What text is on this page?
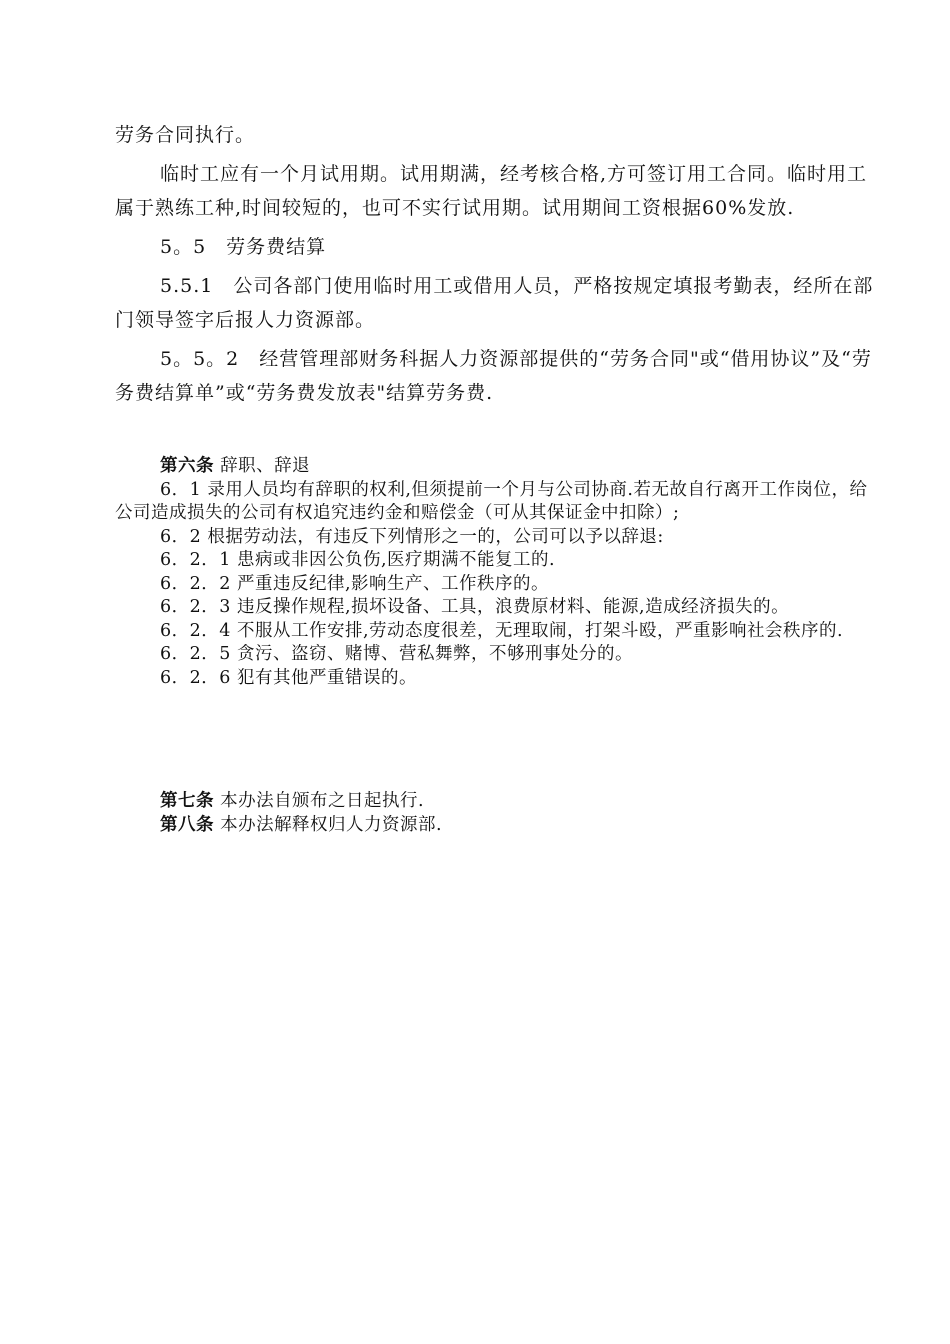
劳务合同执行。

临时工应有一个月试用期。试用期满，经考核合格,方可签订用工合同。临时用工属于熟练工种,时间较短的，也可不实行试用期。试用期间工资根据60%发放.

5。5　劳务费结算

5.5.1　公司各部门使用临时用工或借用人员，严格按规定填报考勤表，经所在部门领导签字后报人力资源部。

5。5。2　经营管理部财务科据人力资源部提供的“劳务合同"或“借用协议”及“劳务费结算单”或“劳务费发放表"结算劳务费.

第六条 辞职、辞退

6．1 录用人员均有辞职的权利,但须提前一个月与公司协商.若无故自行离开工作岗位，给公司造成损失的公司有权追究违约金和赔偿金（可从其保证金中扣除）;

6．2 根据劳动法，有违反下列情形之一的，公司可以予以辞退:

6．2．1 患病或非因公负伤,医疗期满不能复工的.

6．2．2 严重违反纪律,影响生产、工作秩序的。

6．2．3 违反操作规程,损坏设备、工具，浪费原材料、能源,造成经济损失的。

6．2．4 不服从工作安排,劳动态度很差，无理取闹，打架斗殴，严重影响社会秩序的.

6．2．5 贪污、盗窃、赌博、营私舞弊，不够刑事处分的。

6．2．6 犯有其他严重错误的。

第七条 本办法自颁布之日起执行.

第八条 本办法解释权归人力资源部.
